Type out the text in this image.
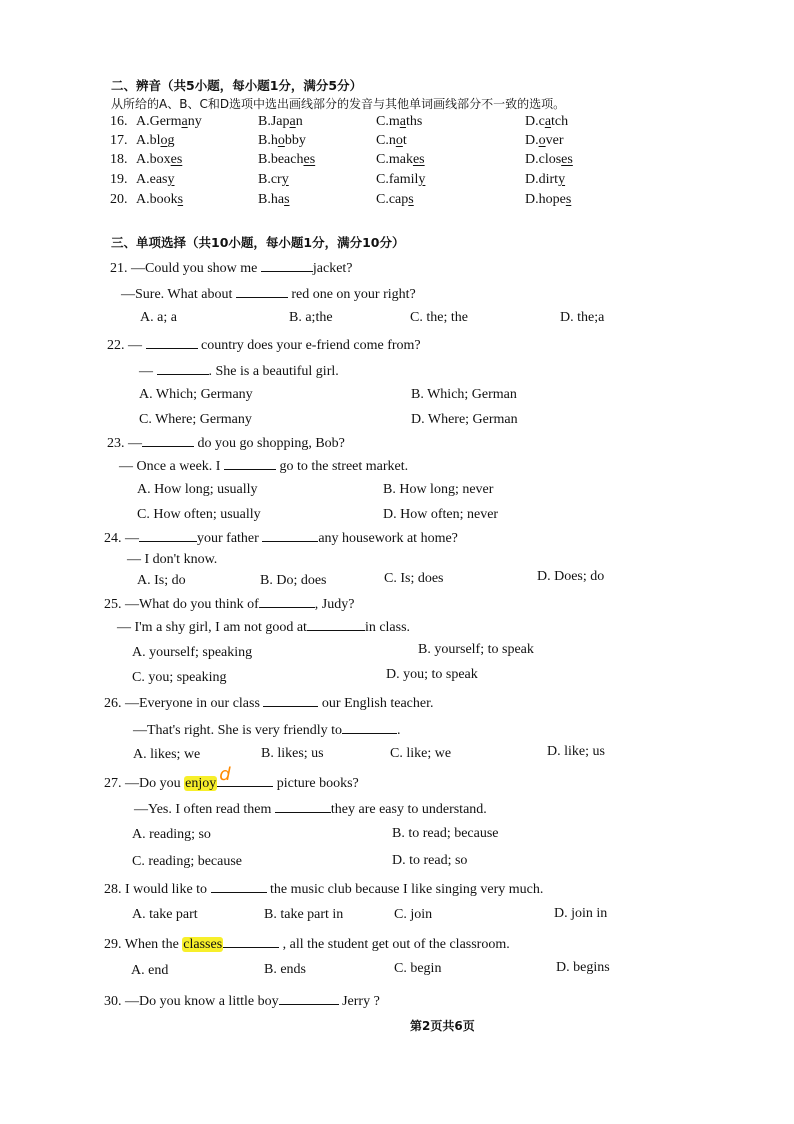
二、辨音（共5小题，每小题1分，满分5分）
从所给的A、B、C和D选项中选出画线部分的发音与其他单词画线部分不一致的选项。
16. A.Germany	B.Japan	C.maths	D.catch
17. A.blog	B.hobby	C.not	D.over
18. A.boxes	B.beaches	C.makes	D.closes
19. A.easy	B.cry	C.family	D.dirty
20. A.books	B.has	C.caps	D.hopes
三、单项选择（共10小题，每小题1分，满分10分）
21. —Could you show me	jacket?
—Sure. What about	red one on your right?
A. a; a	B. a;the	C. the; the	D. the;a
22. —	country does your e-friend come from?
—	. She is a beautiful girl.
A. Which; Germany	B. Which; German
C. Where; Germany	D. Where; German
23. —	do you go shopping, Bob?
— Once a week. I	go to the street market.
A. How long; usually	B. How long; never
C. How often; usually	D. How often; never
24. —	your father	any housework at home?
— I don't know.
A. Is; do	B. Do; does	C. Is; does	D. Does; do
25. —What do you think of	, Judy?
— I'm a shy girl, I am not good at	in class.
A. yourself; speaking	B. yourself; to speak
C. you; speaking	D. you; to speak
26. —Everyone in our class	our English teacher.
—That's right. She is very friendly to	.
A. likes; we	B. likes; us	C. like; we	D. like; us
27. —Do you enjoy d	picture books?
—Yes. I often read them	they are easy to understand.
A. reading; so	B. to read; because
C. reading; because	D. to read; so
28. I would like to	the music club because I like singing very much.
A. take part	B. take part in	C. join	D. join in
29. When the classes	, all the student get out of the classroom.
A. end	B. ends	C. begin	D. begins
30. —Do you know a little boy	Jerry ?
第2页共6页
